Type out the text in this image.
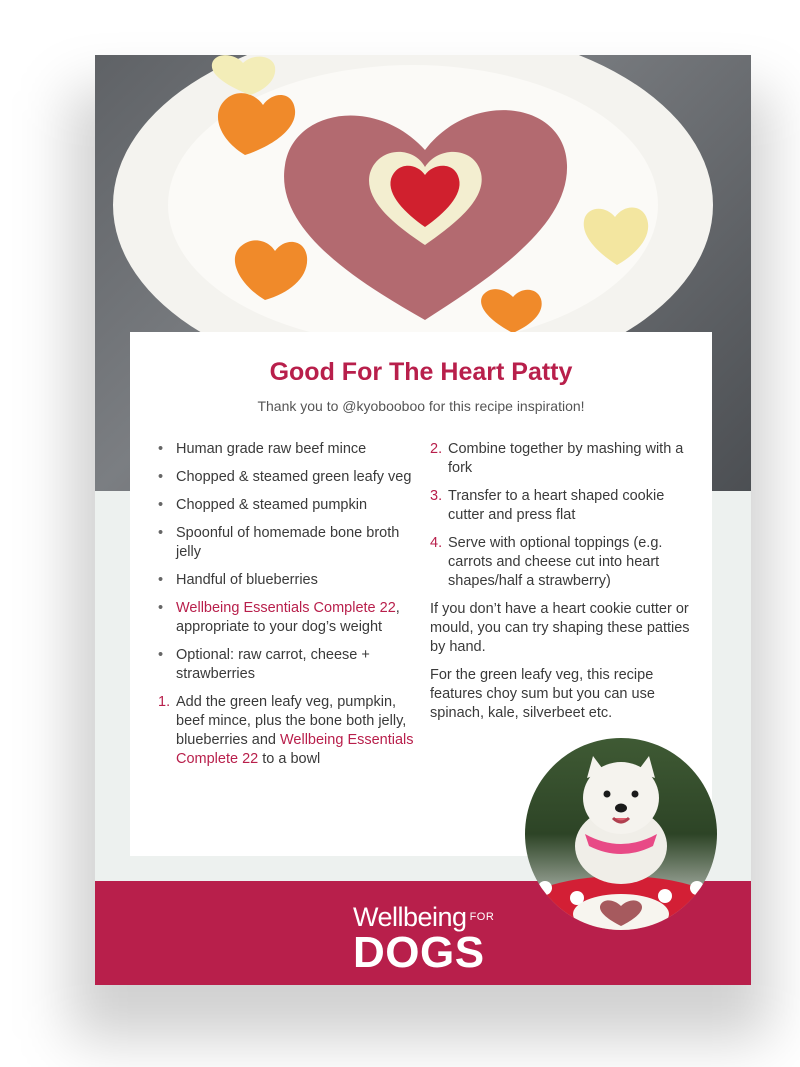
Wellbeing $^{FOR}$
DOGS
Good For The Heart Patty
Thank you to @kyobooboo for this recipe inspiration!
• Human grade raw beef mince
• Chopped & steamed green leafy veg
• Chopped & steamed pumpkin
• Spoonful of homemade bone broth jelly
• Handful of blueberries
• Wellbeing Essentials Complete 22, appropriate to your dog’s weight
• Optional: raw carrot, cheese + strawberries
1. Add the green leafy veg, pumpkin, beef mince, plus the bone both jelly, blueberries and Wellbeing Essentials Complete 22 to a bowl
2. Combine together by mashing with a fork
3. Transfer to a heart shaped cookie cutter and press flat
4. Serve with optional toppings (e.g. carrots and cheese cut into heart shapes/half a strawberry)
If you don’t have a heart cookie cutter or mould, you can try shaping these patties by hand.
For the green leafy veg, this recipe features choy sum but you can use spinach, kale, silverbeet etc.
